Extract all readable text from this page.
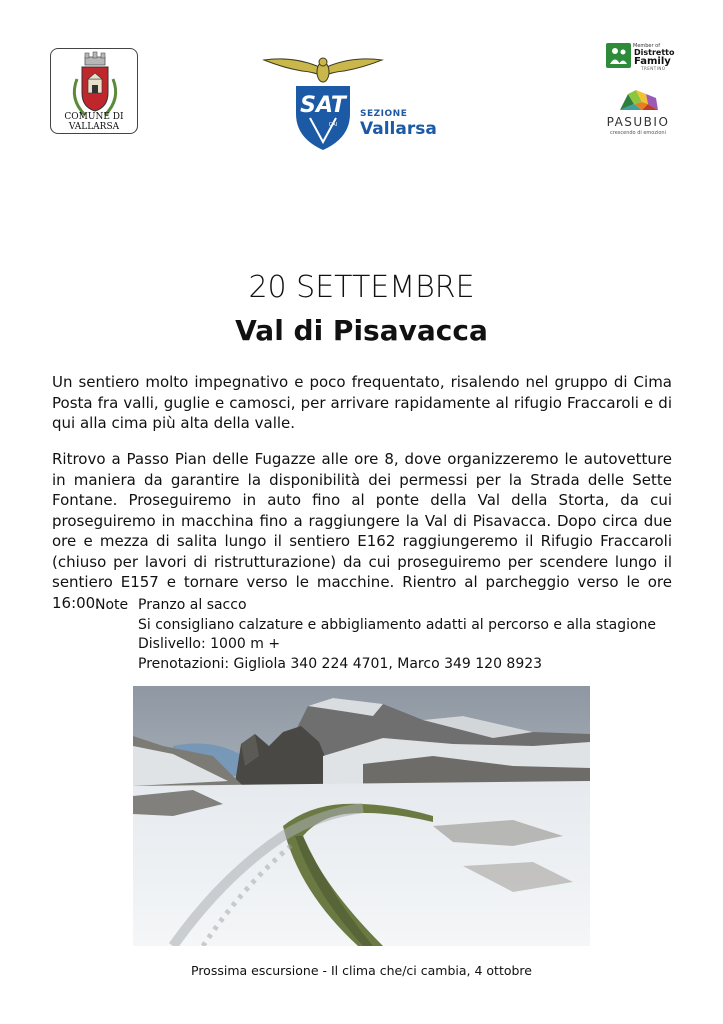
COMUNE DI
VALLARSA
SAT
CAI
SEZIONE
Vallarsa
Member of
Distretto
Family
TRENTINO
PASUBIO
crescendo di emozioni
20 SETTEMBRE
Val di Pisavacca
Un sentiero molto impegnativo e poco frequentato, risalendo nel gruppo di Cima Posta fra valli, guglie e camosci, per arrivare rapidamente al rifugio Fraccaroli e di qui alla cima più alta della valle.
Ritrovo a Passo Pian delle Fugazze alle ore 8, dove organizzeremo le autovetture in maniera da garantire la disponibilità dei permessi per la Strada delle Sette Fontane. Proseguiremo in auto fino al ponte della Val della Storta, da cui proseguiremo in macchina fino a raggiungere la Val di Pisavacca. Dopo circa due ore e mezza di salita lungo il sentiero E162 raggiungeremo il Rifugio Fraccaroli (chiuso per lavori di ristrutturazione) da cui proseguiremo per scendere lungo il sentiero E157 e tornare verso le macchine. Rientro al parcheggio verso le ore 16:00.
Note Pranzo al sacco
Si consigliano calzature e abbigliamento adatti al percorso e alla stagione
Dislivello: 1000 m +
Prenotazioni: Gigliola 340 224 4701, Marco 349 120 8923
Prossima escursione - Il clima che/ci cambia, 4 ottobre
